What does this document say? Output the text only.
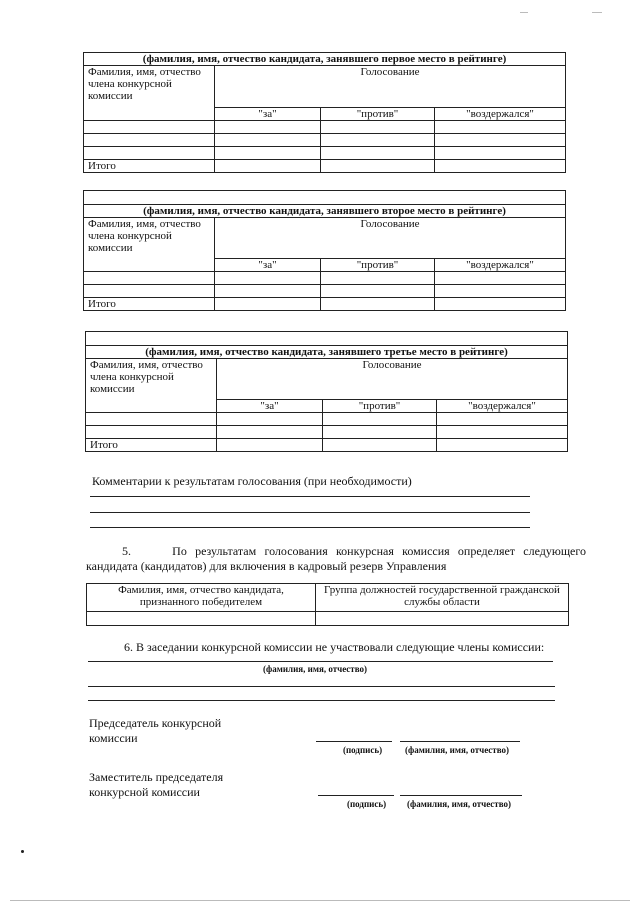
(фамилия, имя, отчество кандидата, занявшего первое место в рейтинге)			
Фамилия, имя, отчество члена конкурсной комиссии	Голосование		
	"за"	"против"	"воздержался"

Итого			

(фамилия, имя, отчество кандидата, занявшего второе место в рейтинге)			
Фамилия, имя, отчество члена конкурсной комиссии	Голосование		
	"за"	"против"	"воздержался"

Итого			

(фамилия, имя, отчество кандидата, занявшего третье место в рейтинге)			
Фамилия, имя, отчество члена конкурсной комиссии	Голосование		
	"за"	"против"	"воздержался"

Итого			
Комментарии к результатам голосования (при необходимости)
5.	По результатам голосования конкурсная комиссия определяет следующего
кандидата (кандидатов) для включения в кадровый резерв Управления
Фамилия, имя, отчество кандидата, признанного победителем	Группа должностей государственной гражданской службы области

6. В заседании конкурсной комиссии не участвовали следующие члены комиссии:
(фамилия, имя, отчество)
Председатель конкурсной комиссии
(подпись)	(фамилия, имя, отчество)
Заместитель председателя конкурсной комиссии
(подпись) (фамилия, имя, отчество)
